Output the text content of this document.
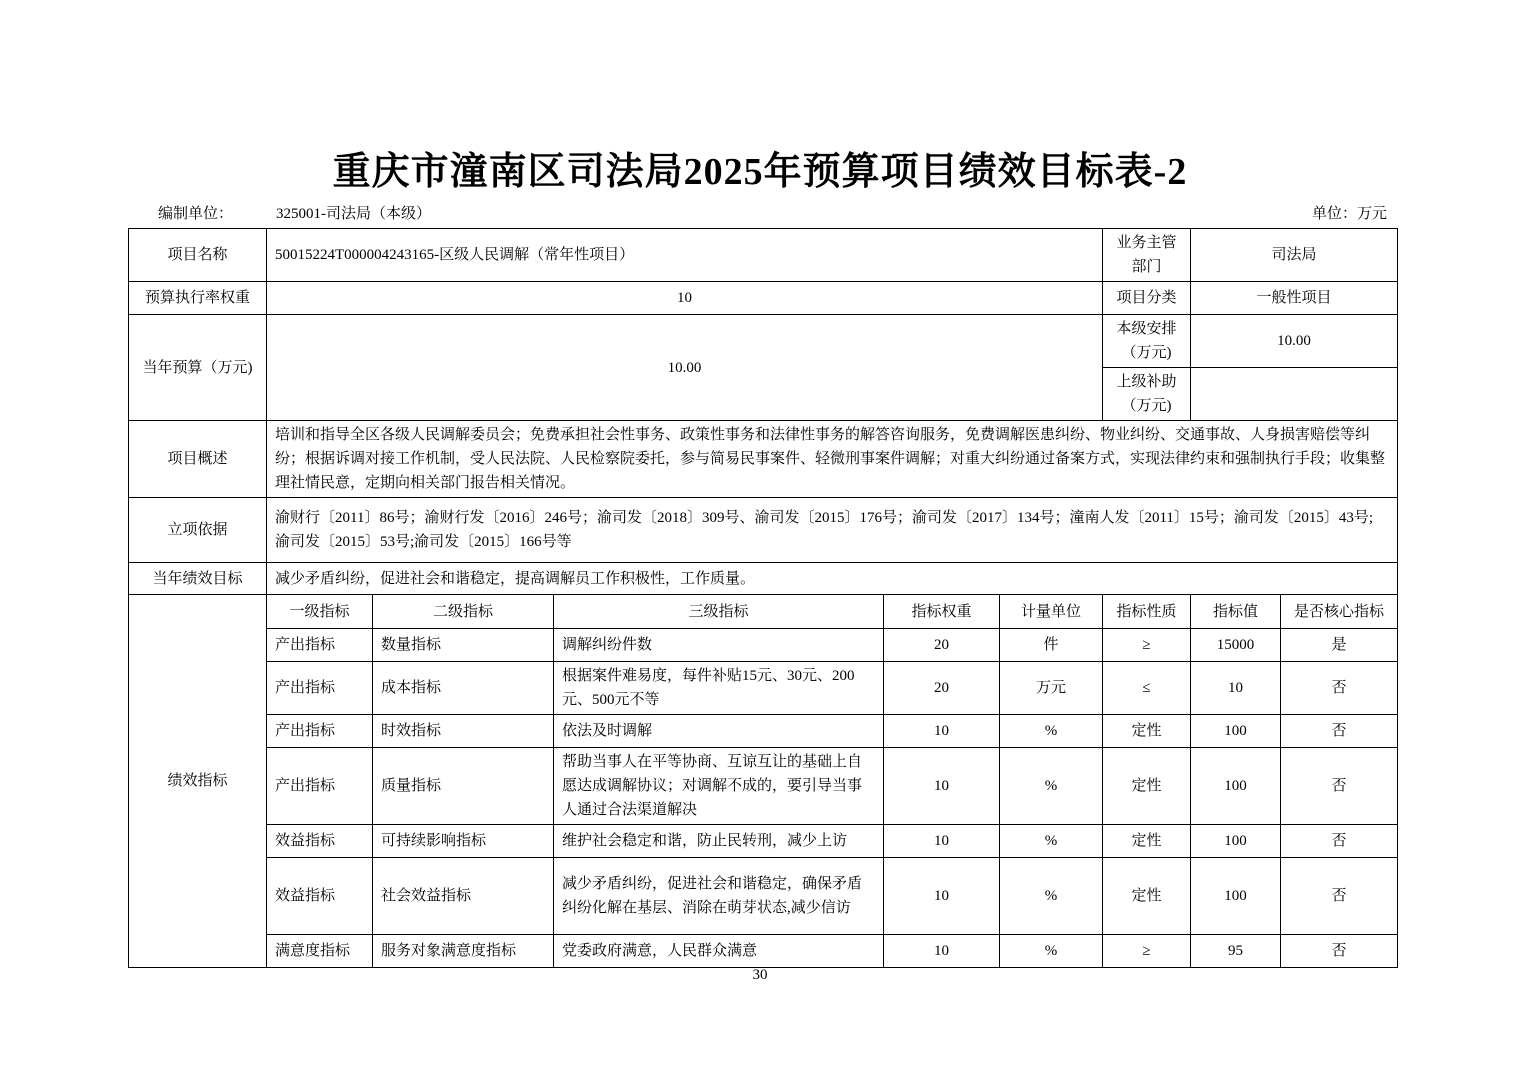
重庆市潼南区司法局2025年预算项目绩效目标表-2
编制单位：	325001-司法局（本级）	单位：万元
项目名称	50015224T000004243165-区级人民调解（常年性项目）					业务主管部门	司法局	
预算执行率权重	10					项目分类	一般性项目	
当年预算（万元)	10.00					本级安排（万元)	10.00	
						上级补助（万元)		
项目概述	培训和指导全区各级人民调解委员会；免费承担社会性事务、政策性事务和法律性事务的解答咨询服务，免费调解医患纠纷、物业纠纷、交通事故、人身损害赔偿等纠纷；根据诉调对接工作机制，受人民法院、人民检察院委托，参与简易民事案件、轻微刑事案件调解；对重大纠纷通过备案方式，实现法律约束和强制执行手段；收集整理社情民意，定期向相关部门报告相关情况。							
立项依据	渝财行〔2011〕86号；渝财行发〔2016〕246号；渝司发〔2018〕309号、渝司发〔2015〕176号；渝司发〔2017〕134号；潼南人发〔2011〕15号；渝司发〔2015〕43号; 渝司发〔2015〕53号;渝司发〔2015〕166号等							
当年绩效目标	减少矛盾纠纷，促进社会和谐稳定，提高调解员工作积极性，工作质量。							
绩效指标	一级指标	二级指标	三级指标	指标权重	计量单位	指标性质	指标值	是否核心指标
	产出指标	数量指标	调解纠纷件数	20	件	≥	15000	是
	产出指标	成本指标	根据案件难易度，每件补贴15元、30元、200元、500元不等	20	万元	≤	10	否
	产出指标	时效指标	依法及时调解	10	%	定性	100	否
	产出指标	质量指标	帮助当事人在平等协商、互谅互让的基础上自愿达成调解协议；对调解不成的，要引导当事人通过合法渠道解决	10	%	定性	100	否
	效益指标	可持续影响指标	维护社会稳定和谐，防止民转刑，减少上访	10	%	定性	100	否
	效益指标	社会效益指标	减少矛盾纠纷，促进社会和谐稳定，确保矛盾纠纷化解在基层、消除在萌芽状态,减少信访	10	%	定性	100	否
	满意度指标	服务对象满意度指标	党委政府满意，人民群众满意	10	%	≥	95	否
30
